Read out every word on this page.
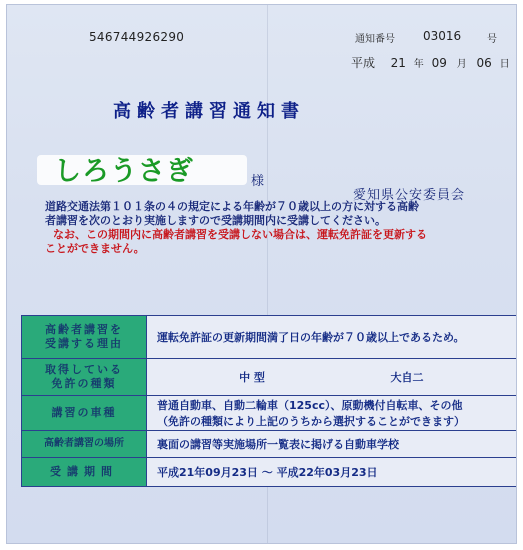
546744926290	通知番号 03016	号
平成 21 年 09 月 06 日
高齢者講習通知書
しろうさぎ	様
愛知県公安委員会
道路交通法第１０１条の４の規定による年齢が７０歳以上の方に対する高齢
者講習を次のとおり実施しますので受講期間内に受講してください。
なお、この期間内に高齢者講習を受講しない場合は、運転免許証を更新する
ことができません。
高齢者講習を
受講する理由	運転免許証の更新期間満了日の年齢が７０歳以上であるため。
取得している
免許の種類	中 型 大自二

講習の車種	普通自動車、自動二輪車（125cc）、原動機付自転車、その他
（免許の種類により上記のうちから選択することができます）
高齢者講習の場所	裏面の講習等実施場所一覧表に掲げる自動車学校
受講期間	平成21年09月23日 ～ 平成22年03月23日
